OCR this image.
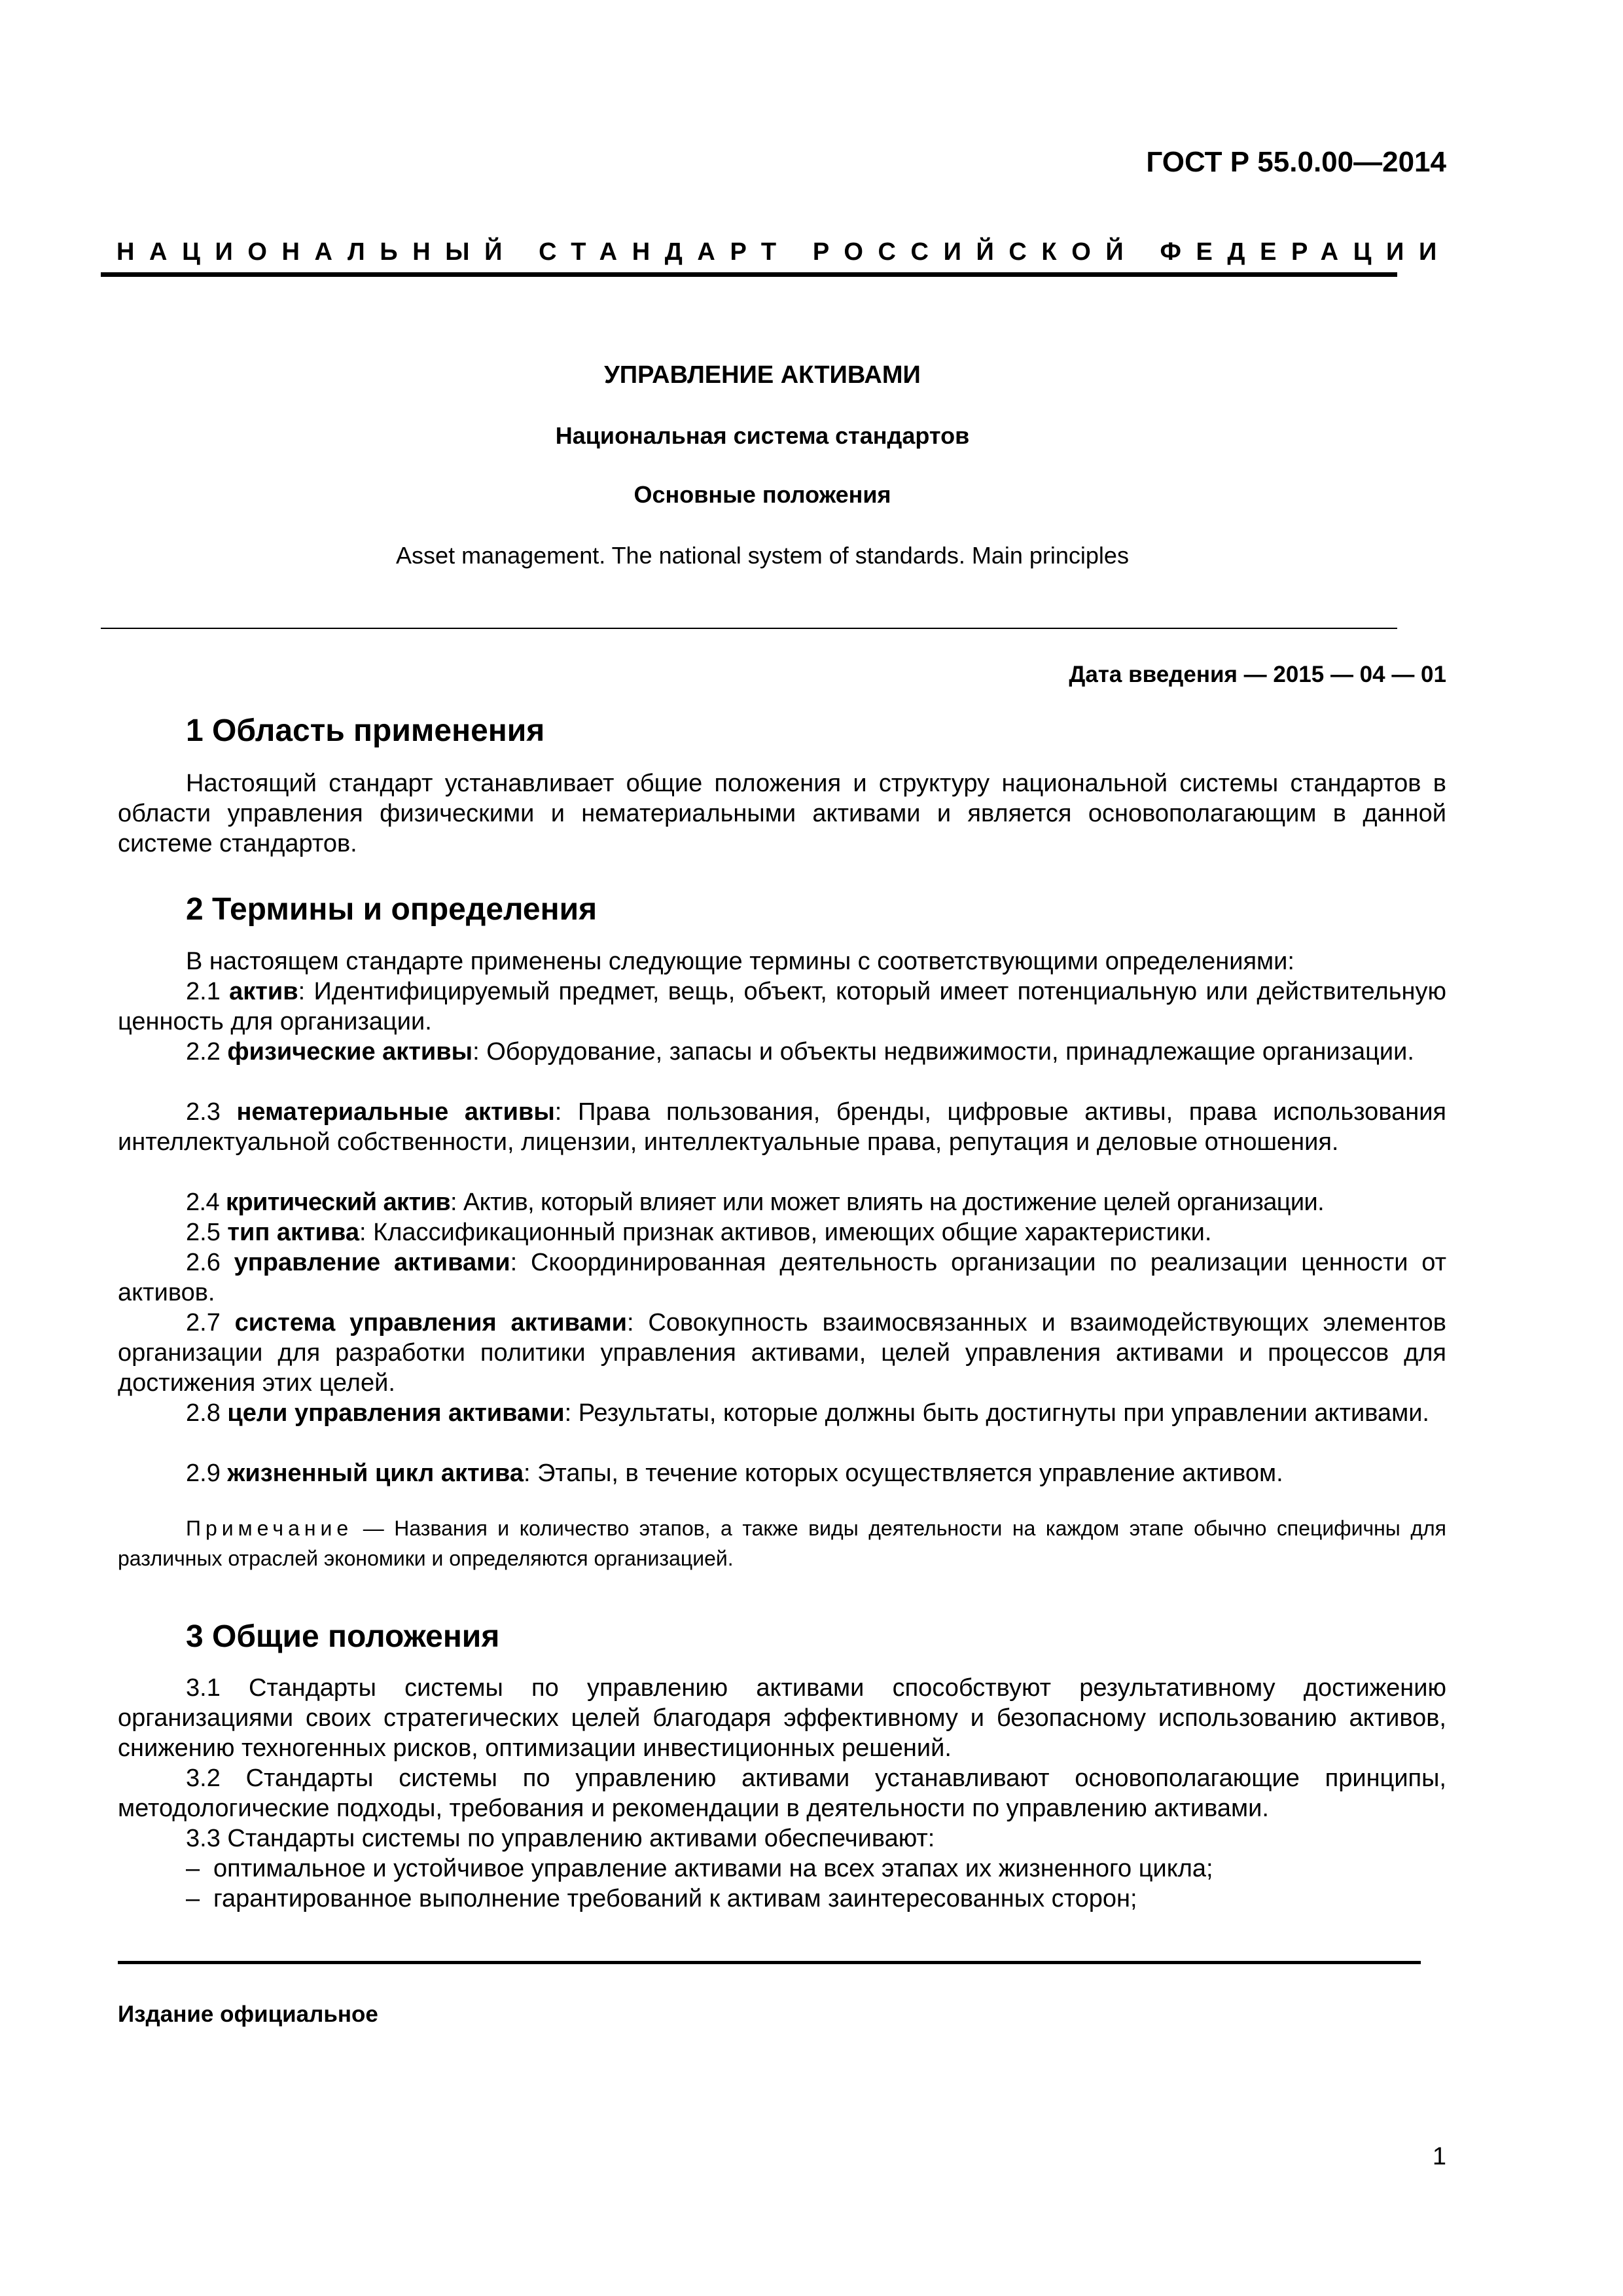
ГОСТ Р 55.0.00—2014
НАЦИОНАЛЬНЫЙ СТАНДАРТ РОССИЙСКОЙ ФЕДЕРАЦИИ
УПРАВЛЕНИЕ АКТИВАМИ
Национальная система стандартов
Основные положения
Asset management. The national system of standards. Main principles
Дата введения — 2015 — 04 — 01
1 Область применения
Настоящий стандарт устанавливает общие положения и структуру национальной системы стандартов в области управления физическими и нематериальными активами и является основополагающим в данной системе стандартов.
2 Термины и определения
В настоящем стандарте применены следующие термины с соответствующими определениями:
2.1 актив: Идентифицируемый предмет, вещь, объект, который имеет потенциальную или действительную ценность для организации.
2.2 физические активы: Оборудование, запасы и объекты недвижимости, принадлежащие организации.
2.3 нематериальные активы: Права пользования, бренды, цифровые активы, права использования интеллектуальной собственности, лицензии, интеллектуальные права, репутация и деловые отношения.
2.4 критический актив: Актив, который влияет или может влиять на достижение целей организации.
2.5 тип актива: Классификационный признак активов, имеющих общие характеристики.
2.6 управление активами: Скоординированная деятельность организации по реализации ценности от активов.
2.7 система управления активами: Совокупность взаимосвязанных и взаимодействующих элементов организации для разработки политики управления активами, целей управления активами и процессов для достижения этих целей.
2.8 цели управления активами: Результаты, которые должны быть достигнуты при управлении активами.
2.9 жизненный цикл актива: Этапы, в течение которых осуществляется управление активом.
Примечание — Названия и количество этапов, а также виды деятельности на каждом этапе обычно специфичны для различных отраслей экономики и определяются организацией.
3 Общие положения
3.1 Стандарты системы по управлению активами способствуют результативному достижению организациями своих стратегических целей благодаря эффективному и безопасному использованию активов, снижению техногенных рисков, оптимизации инвестиционных решений.
3.2 Стандарты системы по управлению активами устанавливают основополагающие принципы, методологические подходы, требования и рекомендации в деятельности по управлению активами.
3.3 Стандарты системы по управлению активами обеспечивают:
– оптимальное и устойчивое управление активами на всех этапах их жизненного цикла;
– гарантированное выполнение требований к активам заинтересованных сторон;
Издание официальное
1
